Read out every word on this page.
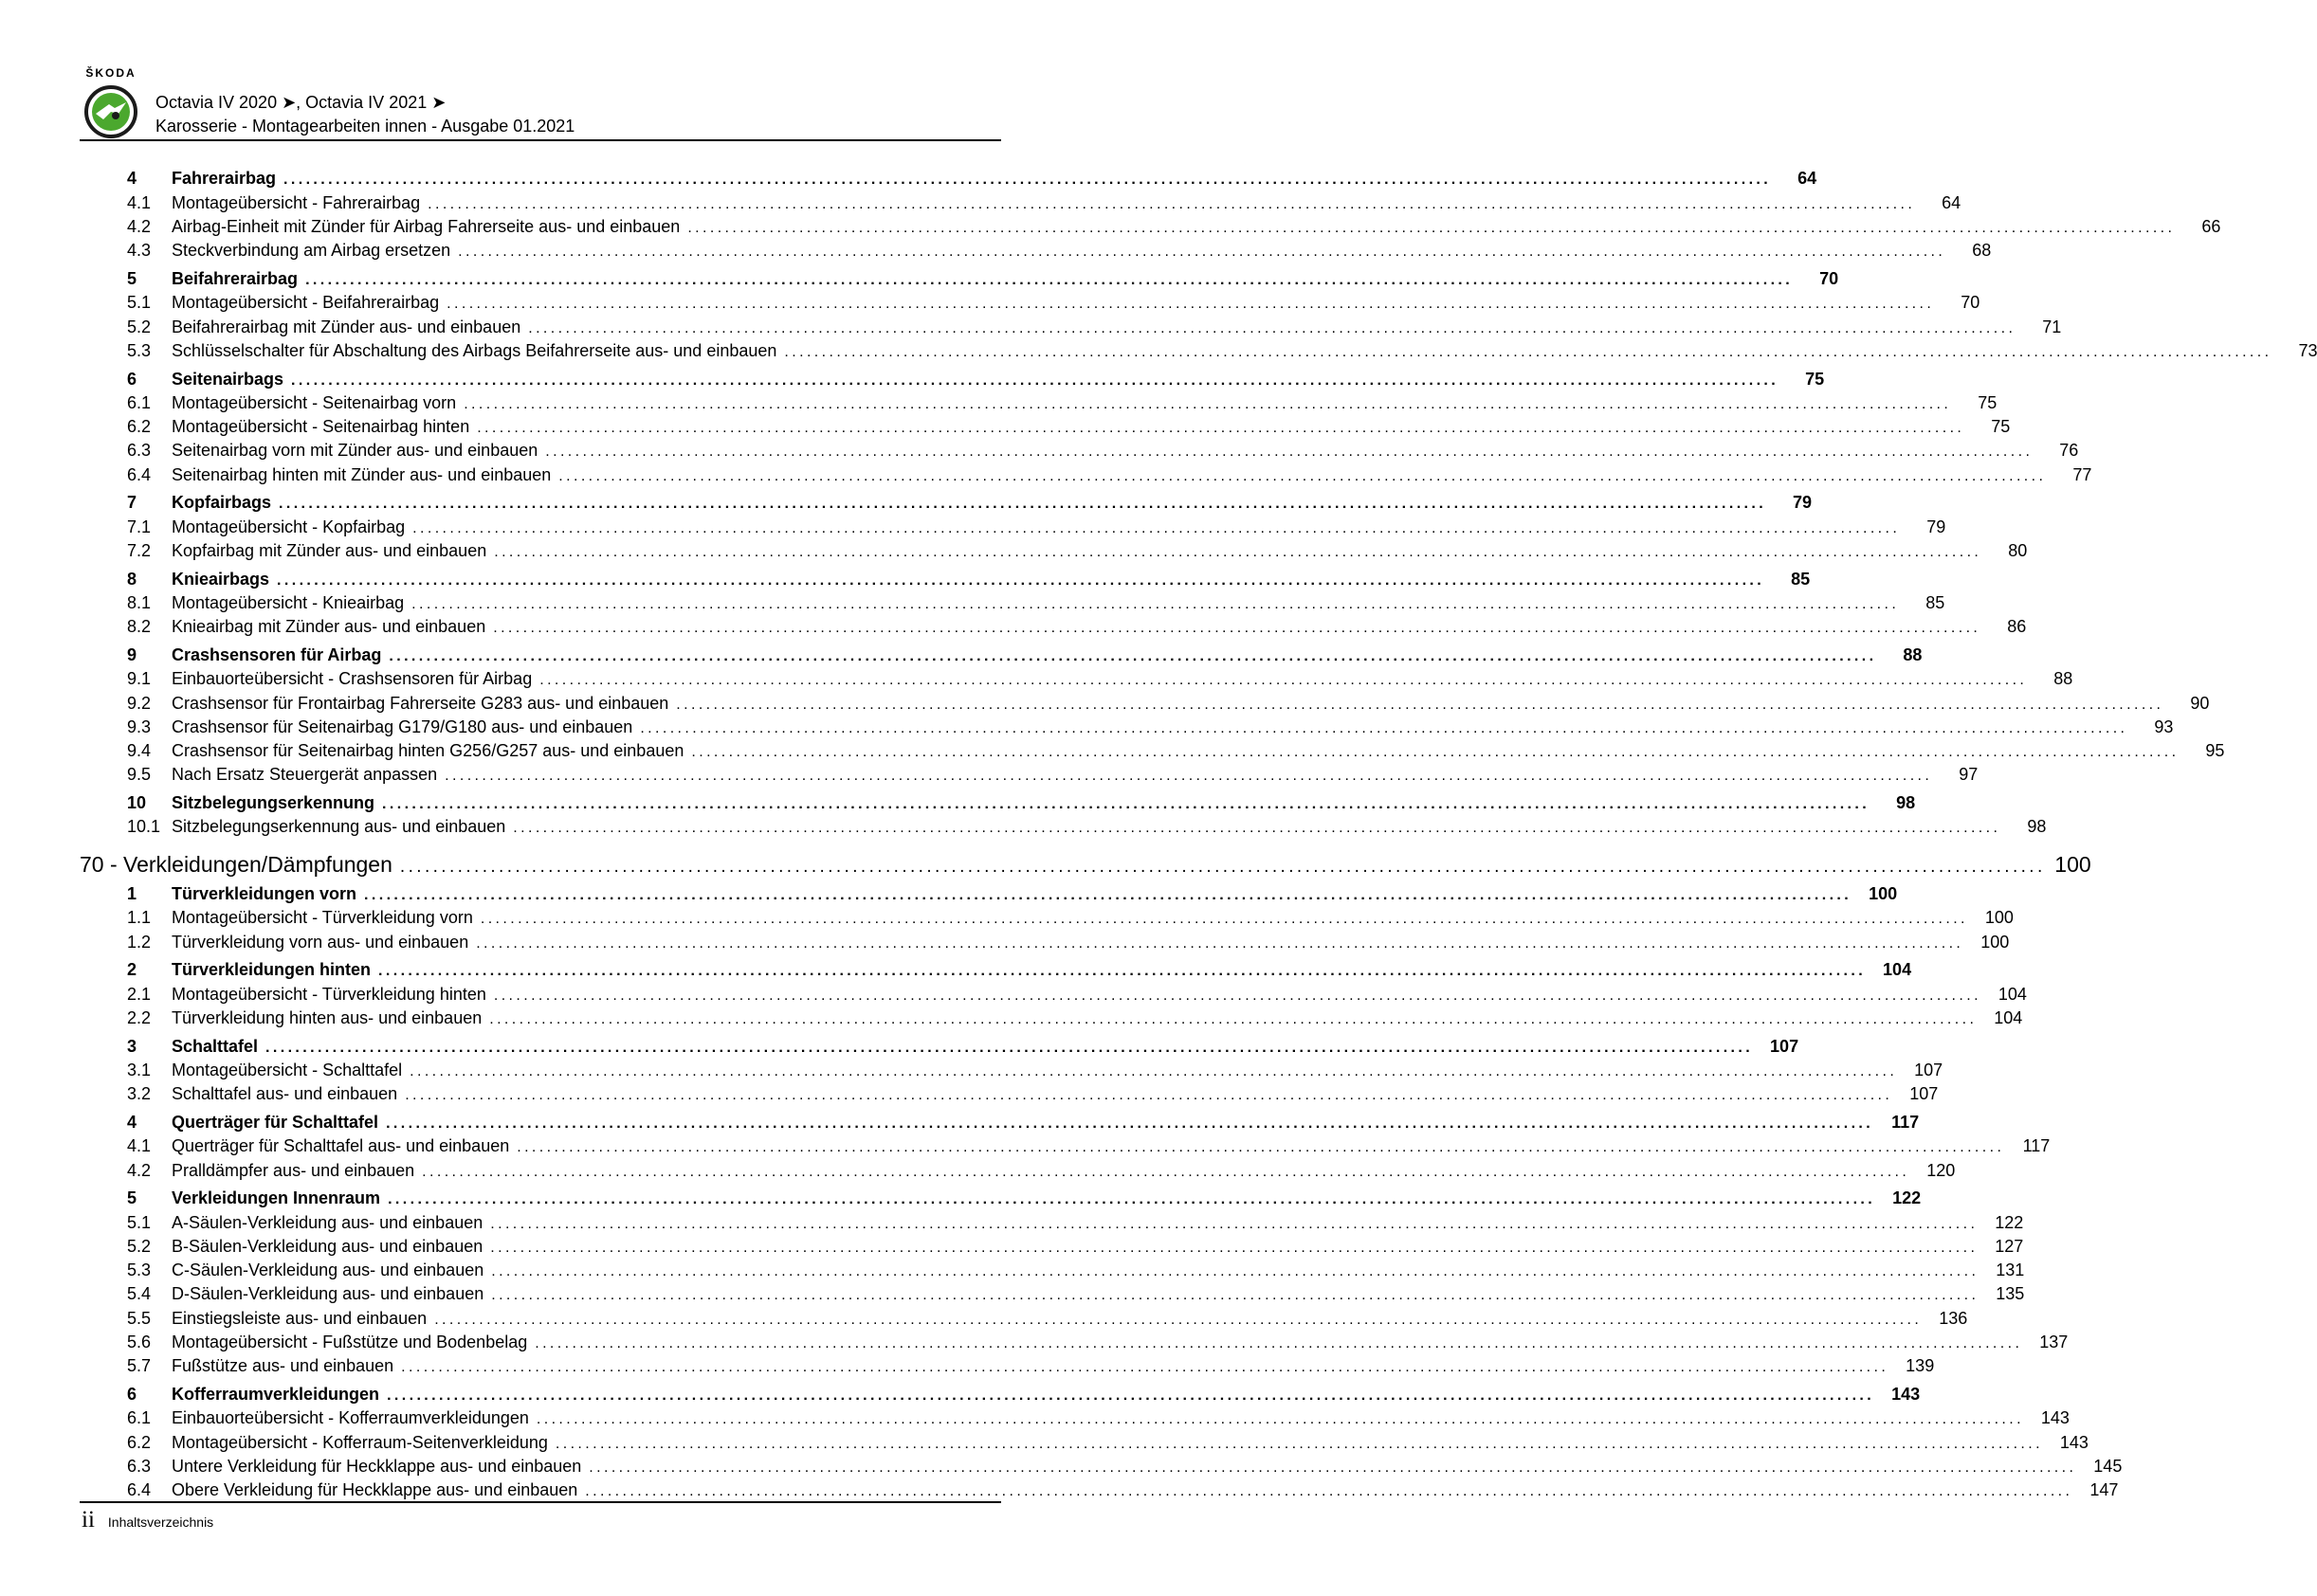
ŠKODA
Octavia IV 2020 ➤, Octavia IV 2021 ➤
Karosserie - Montagearbeiten innen - Ausgabe 01.2021
4	Fahrerairbag ........................................................................................................................................................................................................	64
4.1	Montageübersicht - Fahrerairbag ........................................................................................................................................................................................................	64
4.2	Airbag-Einheit mit Zünder für Airbag Fahrerseite aus- und einbauen ........................................................................................................................................................................................................	66
4.3	Steckverbindung am Airbag ersetzen ........................................................................................................................................................................................................	68
5	Beifahrerairbag ........................................................................................................................................................................................................	70
5.1	Montageübersicht - Beifahrerairbag ........................................................................................................................................................................................................	70
5.2	Beifahrerairbag mit Zünder aus- und einbauen ........................................................................................................................................................................................................	71
5.3	Schlüsselschalter für Abschaltung des Airbags Beifahrerseite aus- und einbauen ........................................................................................................................................................................................................	73
6	Seitenairbags ........................................................................................................................................................................................................	75
6.1	Montageübersicht - Seitenairbag vorn ........................................................................................................................................................................................................	75
6.2	Montageübersicht - Seitenairbag hinten ........................................................................................................................................................................................................	75
6.3	Seitenairbag vorn mit Zünder aus- und einbauen ........................................................................................................................................................................................................	76
6.4	Seitenairbag hinten mit Zünder aus- und einbauen ........................................................................................................................................................................................................	77
7	Kopfairbags ........................................................................................................................................................................................................	79
7.1	Montageübersicht - Kopfairbag ........................................................................................................................................................................................................	79
7.2	Kopfairbag mit Zünder aus- und einbauen ........................................................................................................................................................................................................	80
8	Knieairbags ........................................................................................................................................................................................................	85
8.1	Montageübersicht - Knieairbag ........................................................................................................................................................................................................	85
8.2	Knieairbag mit Zünder aus- und einbauen ........................................................................................................................................................................................................	86
9	Crashsensoren für Airbag ........................................................................................................................................................................................................	88
9.1	Einbauorteübersicht - Crashsensoren für Airbag ........................................................................................................................................................................................................	88
9.2	Crashsensor für Frontairbag Fahrerseite G283 aus- und einbauen ........................................................................................................................................................................................................	90
9.3	Crashsensor für Seitenairbag G179/G180 aus- und einbauen ........................................................................................................................................................................................................	93
9.4	Crashsensor für Seitenairbag hinten G256/G257 aus- und einbauen ........................................................................................................................................................................................................	95
9.5	Nach Ersatz Steuergerät anpassen ........................................................................................................................................................................................................	97
10	Sitzbelegungserkennung ........................................................................................................................................................................................................	98
10.1 Sitzbelegungserkennung aus- und einbauen ........................................................................................................................................................................................................	98
70 - Verkleidungen/Dämpfungen ........................................................................................................................................................................................................ 100
1	Türverkleidungen vorn ........................................................................................................................................................................................................ 100
1.1	Montageübersicht - Türverkleidung vorn ........................................................................................................................................................................................................ 100
1.2	Türverkleidung vorn aus- und einbauen ........................................................................................................................................................................................................ 100
2	Türverkleidungen hinten ........................................................................................................................................................................................................ 104
2.1	Montageübersicht - Türverkleidung hinten ........................................................................................................................................................................................................ 104
2.2	Türverkleidung hinten aus- und einbauen ........................................................................................................................................................................................................ 104
3	Schalttafel ........................................................................................................................................................................................................ 107
3.1	Montageübersicht - Schalttafel ........................................................................................................................................................................................................ 107
3.2	Schalttafel aus- und einbauen ........................................................................................................................................................................................................ 107
4	Querträger für Schalttafel ........................................................................................................................................................................................................	117
4.1	Querträger für Schalttafel aus- und einbauen ........................................................................................................................................................................................................	117
4.2	Pralldämpfer aus- und einbauen ........................................................................................................................................................................................................ 120
5	Verkleidungen Innenraum ........................................................................................................................................................................................................ 122
5.1	A-Säulen-Verkleidung aus- und einbauen ........................................................................................................................................................................................................ 122
5.2	B-Säulen-Verkleidung aus- und einbauen ........................................................................................................................................................................................................ 127
5.3	C-Säulen-Verkleidung aus- und einbauen ........................................................................................................................................................................................................ 131
5.4	D-Säulen-Verkleidung aus- und einbauen ........................................................................................................................................................................................................ 135
5.5	Einstiegsleiste aus- und einbauen ........................................................................................................................................................................................................ 136
5.6	Montageübersicht - Fußstütze und Bodenbelag ........................................................................................................................................................................................................ 137
5.7	Fußstütze aus- und einbauen ........................................................................................................................................................................................................ 139
6	Kofferraumverkleidungen ........................................................................................................................................................................................................ 143
6.1	Einbauorteübersicht - Kofferraumverkleidungen ........................................................................................................................................................................................................ 143
6.2	Montageübersicht - Kofferraum-Seitenverkleidung ........................................................................................................................................................................................................ 143
6.3	Untere Verkleidung für Heckklappe aus- und einbauen ........................................................................................................................................................................................................ 145
6.4	Obere Verkleidung für Heckklappe aus- und einbauen ........................................................................................................................................................................................................ 147
ii Inhaltsverzeichnis
